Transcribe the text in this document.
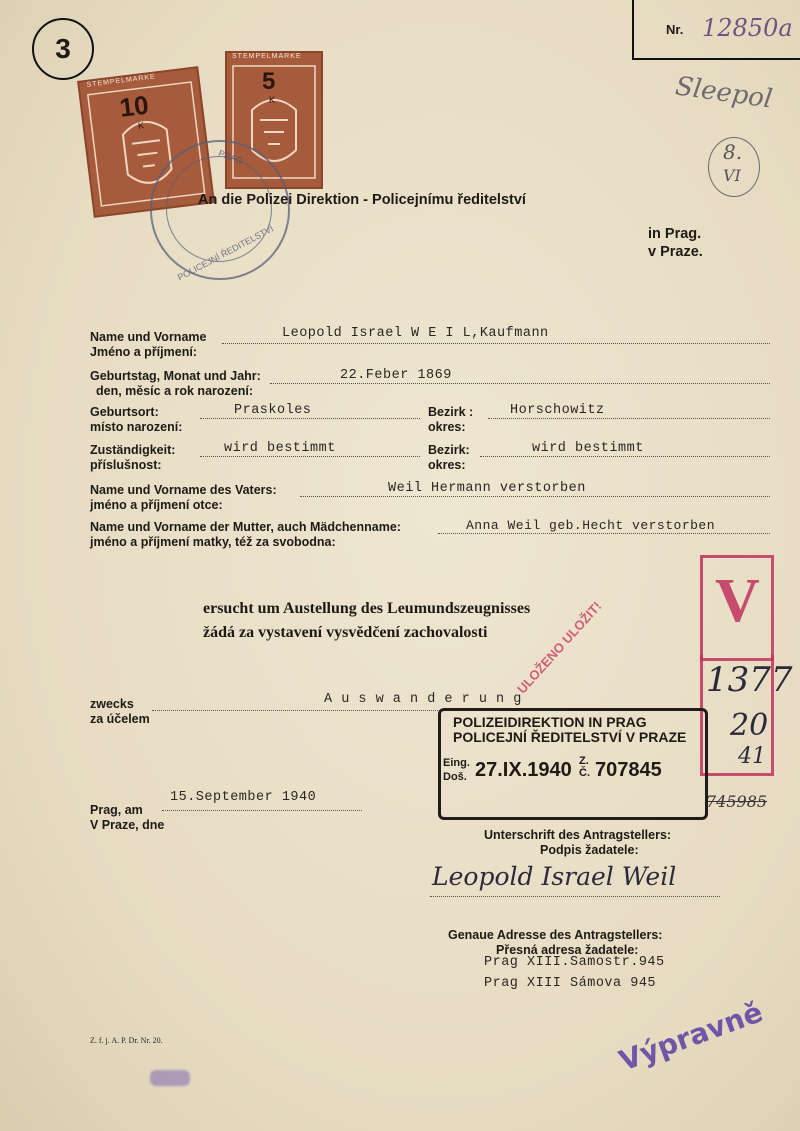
3
Nr. 12850a
STEMPELMARKE
10
K
STEMPELMARKE
5
K
POLICEJNÍ ŘEDITELSTVÍ
PRAG
Sleepol
8.
VI
An die Polizei Direktion - Policejnímu ředitelství
in Prag.
v Praze.
Name und Vorname
Jméno a příjmení:
Leopold Israel W E I L,Kaufmann
Geburtstag, Monat und Jahr:
den, měsíc a rok narození:
22.Feber 1869
Geburtsort:
místo narození:
Praskoles	Bezirk :
okres:
Horschowitz
Zuständigkeit:
příslušnost:
wird bestimmt	Bezirk:
okres:
wird bestimmt
Name und Vorname des Vaters:
jméno a příjmení otce:
Weil Hermann verstorben
Name und Vorname der Mutter, auch Mädchenname:
jméno a příjmení matky, též za svobodna:
Anna Weil geb.Hecht verstorben
ersucht um Austellung des Leumundszeugnisses
žádá za vystavení vysvědčení zachovalosti ULOŽENO ULOŽIT!
zwecks
za účelem
A u s w a n d e r u n g
V
1377
20
41
745985
POLIZEIDIREKTION IN PRAG
POLICEJNÍ ŘEDITELSTVÍ V PRAZE
Eing.
Doš. 27.IX.1940 Z.
Č. 707845
Prag, am
V Praze, dne
15.September 1940
Unterschrift des Antragstellers:
Podpis žadatele:
Leopold Israel Weil
Genaue Adresse des Antragstellers:
Přesná adresa žadatele:
Prag XIII.Samostr.945
Prag XIII Sámova 945
Výpravně
Z. f. j. A. P. Dr. Nr. 20.
